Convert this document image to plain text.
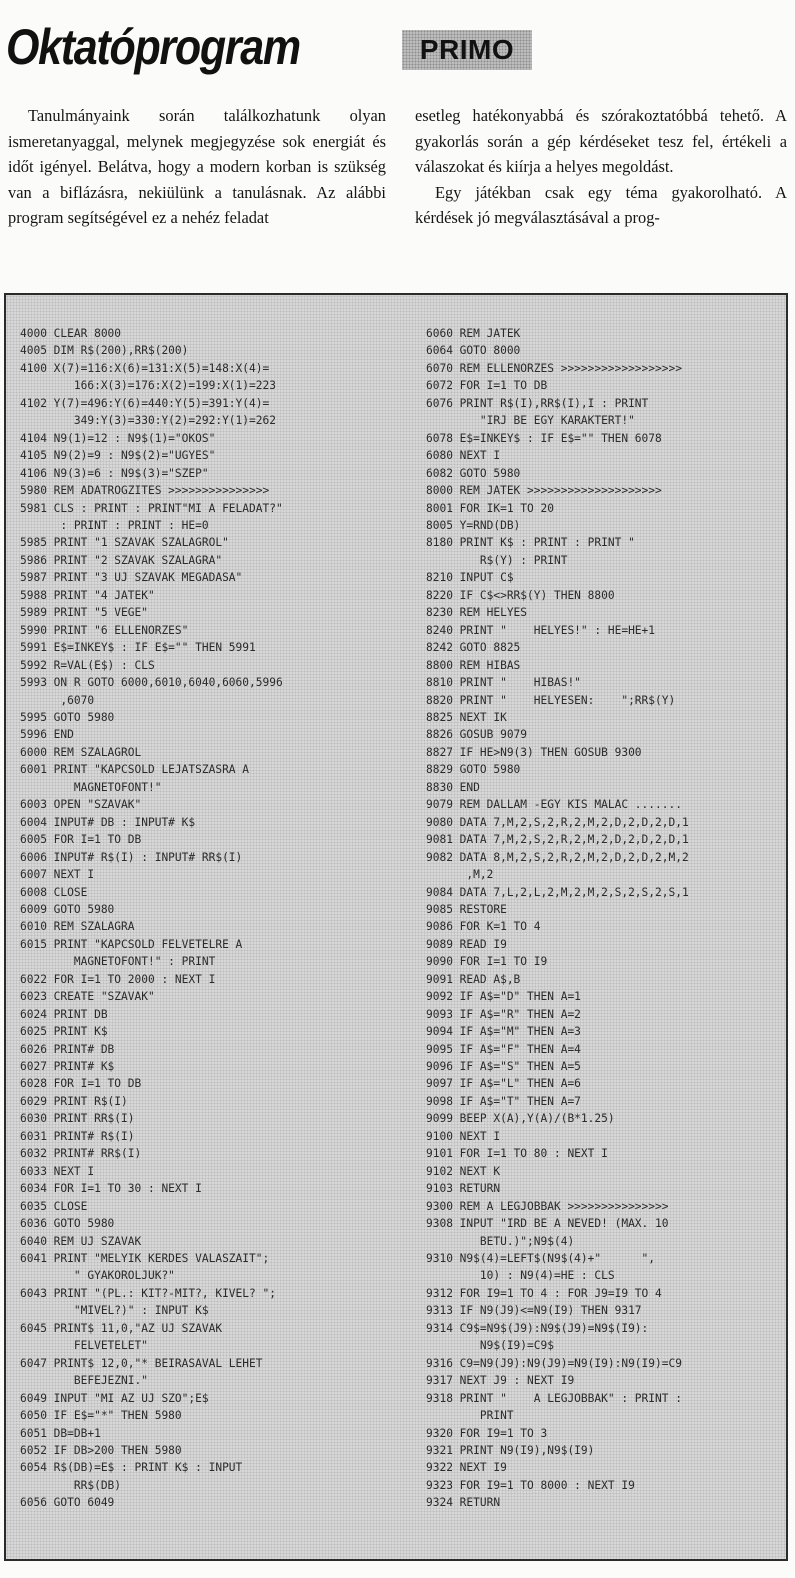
Oktatóprogram	PRIMO

Tanulmányaink során találkozhatunk olyan ismeretanyaggal, melynek megjegyzése sok energiát és időt igényel. Belátva, hogy a modern korban is szükség van a biflázásra, nekiülünk a tanulásnak. Az alábbi program segítségével ez a nehéz feladat

esetleg hatékonyabbá és szórakoztatóbbá tehető. A gyakorlás során a gép kérdéseket tesz fel, értékeli a válaszokat és kiírja a helyes megoldást.

Egy játékban csak egy téma gyakorolható. A kérdések jó megválasztásával a prog-

4000 CLEAR 8000

4005 DIM R$(200),RR$(200)

4100 X(7)=116:X(6)=131:X(5)=148:X(4)=

166:X(3)=176:X(2)=199:X(1)=223

4102 Y(7)=496:Y(6)=440:Y(5)=391:Y(4)=

349:Y(3)=330:Y(2)=292:Y(1)=262

4104 N9(1)=12 : N9$(1)="OKOS"

4105 N9(2)=9 : N9$(2)="UGYES"

4106 N9(3)=6 : N9$(3)="SZEP"

5980 REM ADATROGZITES >>>>>>>>>>>>>>>

5981 CLS : PRINT : PRINT"MI A FELADAT?"

: PRINT : PRINT : HE=0

5985 PRINT "1 SZAVAK SZALAGROL"

5986 PRINT "2 SZAVAK SZALAGRA"

5987 PRINT "3 UJ SZAVAK MEGADASA"

5988 PRINT "4 JATEK"

5989 PRINT "5 VEGE"

5990 PRINT "6 ELLENORZES"

5991 E$=INKEY$ : IF E$="" THEN 5991

5992 R=VAL(E$) : CLS

5993 ON R GOTO 6000,6010,6040,6060,5996

,6070

5995 GOTO 5980

5996 END

6000 REM SZALAGROL

6001 PRINT "KAPCSOLD LEJATSZASRA A

MAGNETOFONT!"

6003 OPEN "SZAVAK"

6004 INPUT# DB : INPUT# K$

6005 FOR I=1 TO DB

6006 INPUT# R$(I) : INPUT# RR$(I)

6007 NEXT I

6008 CLOSE

6009 GOTO 5980

6010 REM SZALAGRA

6015 PRINT "KAPCSOLD FELVETELRE A

MAGNETOFONT!" : PRINT

6022 FOR I=1 TO 2000 : NEXT I

6023 CREATE "SZAVAK"

6024 PRINT DB

6025 PRINT K$

6026 PRINT# DB

6027 PRINT# K$

6028 FOR I=1 TO DB

6029 PRINT R$(I)

6030 PRINT RR$(I)

6031 PRINT# R$(I)

6032 PRINT# RR$(I)

6033 NEXT I

6034 FOR I=1 TO 30 : NEXT I

6035 CLOSE

6036 GOTO 5980

6040 REM UJ SZAVAK

6041 PRINT "MELYIK KERDES VALASZAIT";

" GYAKOROLJUK?"

6043 PRINT "(PL.: KIT?-MIT?, KIVEL? ";

"MIVEL?)" : INPUT K$

6045 PRINT$ 11,0,"AZ UJ SZAVAK

FELVETELET"

6047 PRINT$ 12,0,"* BEIRASAVAL LEHET

BEFEJEZNI."

6049 INPUT "MI AZ UJ SZO";E$

6050 IF E$="*" THEN 5980

6051 DB=DB+1

6052 IF DB>200 THEN 5980

6054 R$(DB)=E$ : PRINT K$ : INPUT

RR$(DB)

6056 GOTO 6049

6060 REM JATEK

6064 GOTO 8000

6070 REM ELLENORZES >>>>>>>>>>>>>>>>>>

6072 FOR I=1 TO DB

6076 PRINT R$(I),RR$(I),I : PRINT

"IRJ BE EGY KARAKTERT!"

6078 E$=INKEY$ : IF E$="" THEN 6078

6080 NEXT I

6082 GOTO 5980

8000 REM JATEK >>>>>>>>>>>>>>>>>>>>

8001 FOR IK=1 TO 20

8005 Y=RND(DB)

8180 PRINT K$ : PRINT : PRINT "

R$(Y) : PRINT

8210 INPUT C$

8220 IF C$<>RR$(Y) THEN 8800

8230 REM HELYES

8240 PRINT "    HELYES!" : HE=HE+1

8242 GOTO 8825

8800 REM HIBAS

8810 PRINT "    HIBAS!"

8820 PRINT "    HELYESEN:    ";RR$(Y)

8825 NEXT IK

8826 GOSUB 9079

8827 IF HE>N9(3) THEN GOSUB 9300

8829 GOTO 5980

8830 END

9079 REM DALLAM -EGY KIS MALAC .......

9080 DATA 7,M,2,S,2,R,2,M,2,D,2,D,2,D,1

9081 DATA 7,M,2,S,2,R,2,M,2,D,2,D,2,D,1

9082 DATA 8,M,2,S,2,R,2,M,2,D,2,D,2,M,2

,M,2

9084 DATA 7,L,2,L,2,M,2,M,2,S,2,S,2,S,1

9085 RESTORE

9086 FOR K=1 TO 4

9089 READ I9

9090 FOR I=1 TO I9

9091 READ A$,B

9092 IF A$="D" THEN A=1

9093 IF A$="R" THEN A=2

9094 IF A$="M" THEN A=3

9095 IF A$="F" THEN A=4

9096 IF A$="S" THEN A=5

9097 IF A$="L" THEN A=6

9098 IF A$="T" THEN A=7

9099 BEEP X(A),Y(A)/(B*1.25)

9100 NEXT I

9101 FOR I=1 TO 80 : NEXT I

9102 NEXT K

9103 RETURN

9300 REM A LEGJOBBAK >>>>>>>>>>>>>>>

9308 INPUT "IRD BE A NEVED! (MAX. 10

BETU.)";N9$(4)

9310 N9$(4)=LEFT$(N9$(4)+"      ",

10) : N9(4)=HE : CLS

9312 FOR I9=1 TO 4 : FOR J9=I9 TO 4

9313 IF N9(J9)<=N9(I9) THEN 9317

9314 C9$=N9$(J9):N9$(J9)=N9$(I9):

N9$(I9)=C9$

9316 C9=N9(J9):N9(J9)=N9(I9):N9(I9)=C9

9317 NEXT J9 : NEXT I9

9318 PRINT "    A LEGJOBBAK" : PRINT :

PRINT

9320 FOR I9=1 TO 3

9321 PRINT N9(I9),N9$(I9)

9322 NEXT I9

9323 FOR I9=1 TO 8000 : NEXT I9

9324 RETURN
